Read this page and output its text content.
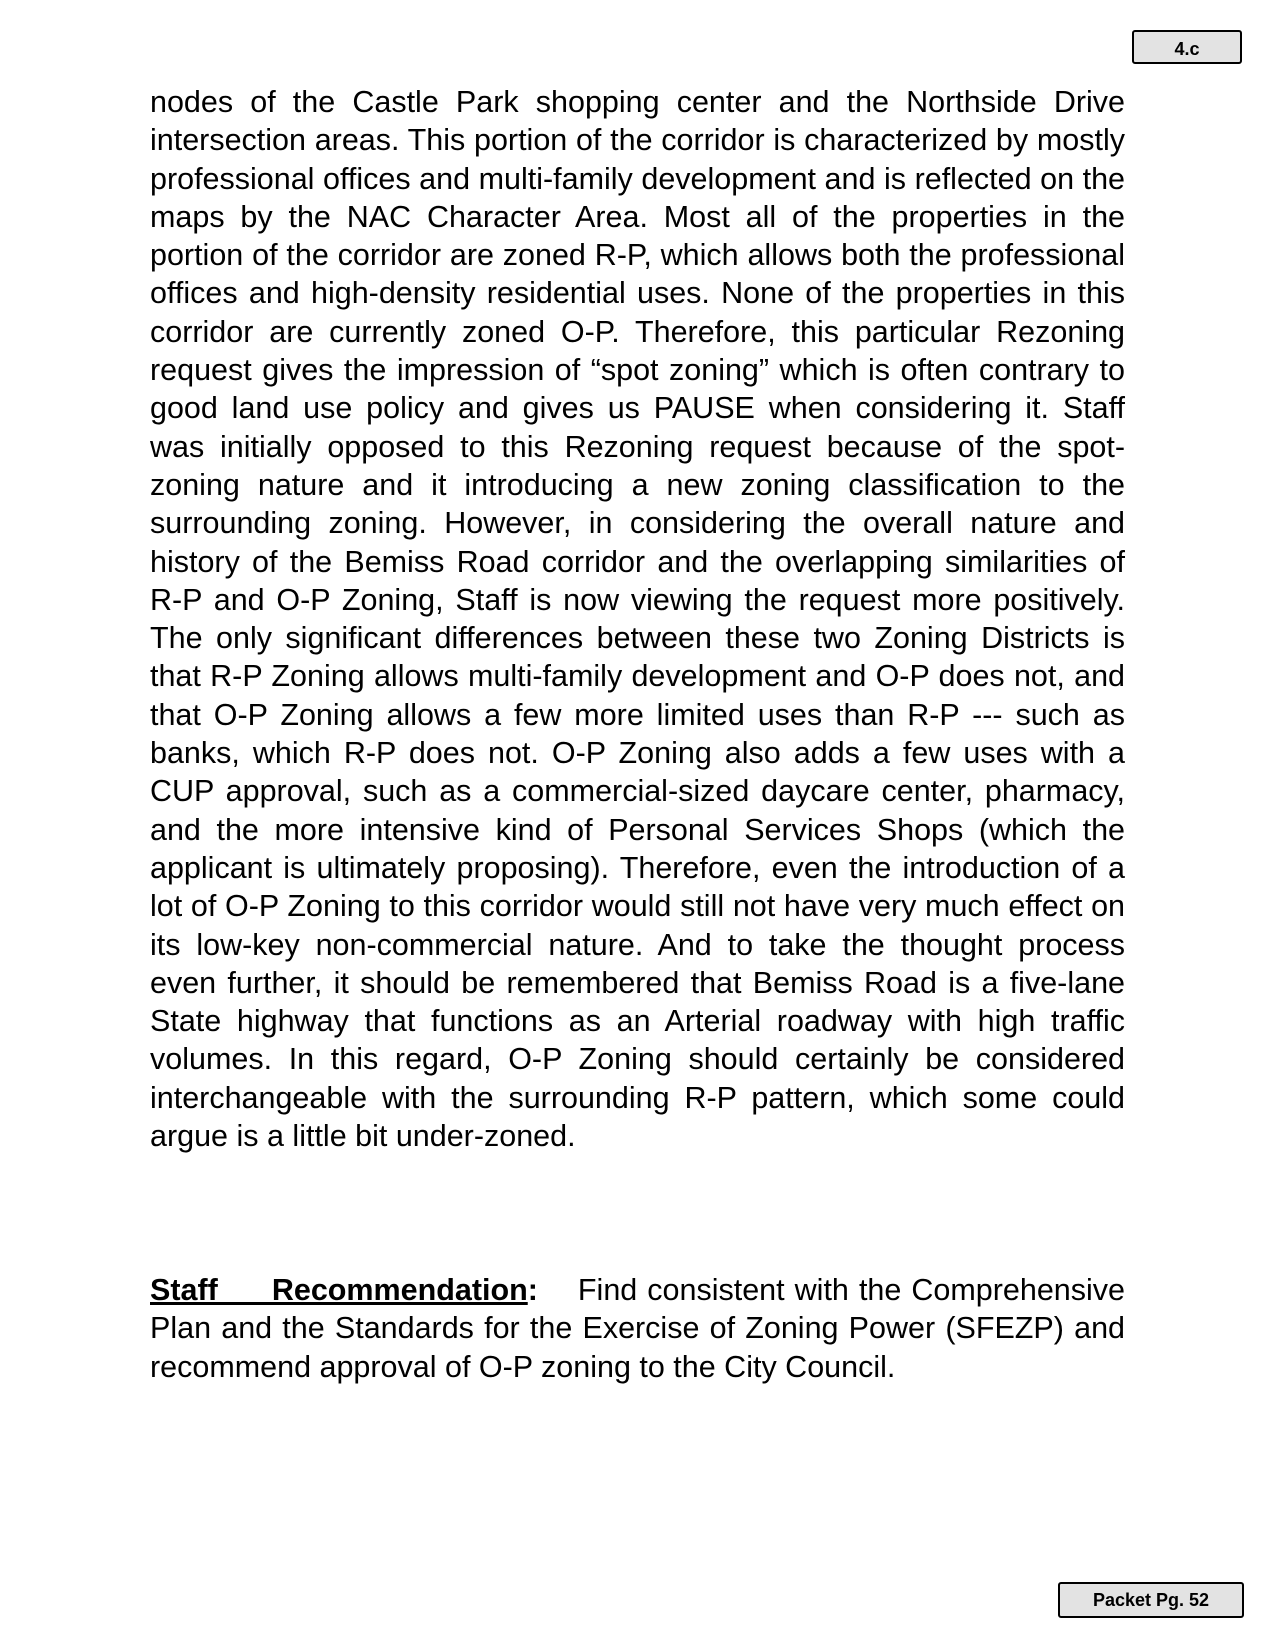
4.c

nodes of the Castle Park shopping center and the Northside Drive intersection areas. This portion of the corridor is characterized by mostly professional offices and multi-family development and is reflected on the maps by the NAC Character Area. Most all of the properties in the portion of the corridor are zoned R-P, which allows both the professional offices and high-density residential uses. None of the properties in this corridor are currently zoned O-P. Therefore, this particular Rezoning request gives the impression of “spot zoning” which is often contrary to good land use policy and gives us PAUSE when considering it. Staff was initially opposed to this Rezoning request because of the spot-zoning nature and it introducing a new zoning classification to the surrounding zoning. However, in considering the overall nature and history of the Bemiss Road corridor and the overlapping similarities of R-P and O-P Zoning, Staff is now viewing the request more positively. The only significant differences between these two Zoning Districts is that R-P Zoning allows multi-family development and O-P does not, and that O-P Zoning allows a few more limited uses than R-P --- such as banks, which R-P does not. O-P Zoning also adds a few uses with a CUP approval, such as a commercial-sized daycare center, pharmacy, and the more intensive kind of Personal Services Shops (which the applicant is ultimately proposing). Therefore, even the introduction of a lot of O-P Zoning to this corridor would still not have very much effect on its low-key non-commercial nature. And to take the thought process even further, it should be remembered that Bemiss Road is a five-lane State highway that functions as an Arterial roadway with high traffic volumes. In this regard, O-P Zoning should certainly be considered interchangeable with the surrounding R-P pattern, which some could argue is a little bit under-zoned.

Staff Recommendation: Find consistent with the Comprehensive Plan and the Standards for the Exercise of Zoning Power (SFEZP) and recommend approval of O-P zoning to the City Council.
Packet Pg. 52
